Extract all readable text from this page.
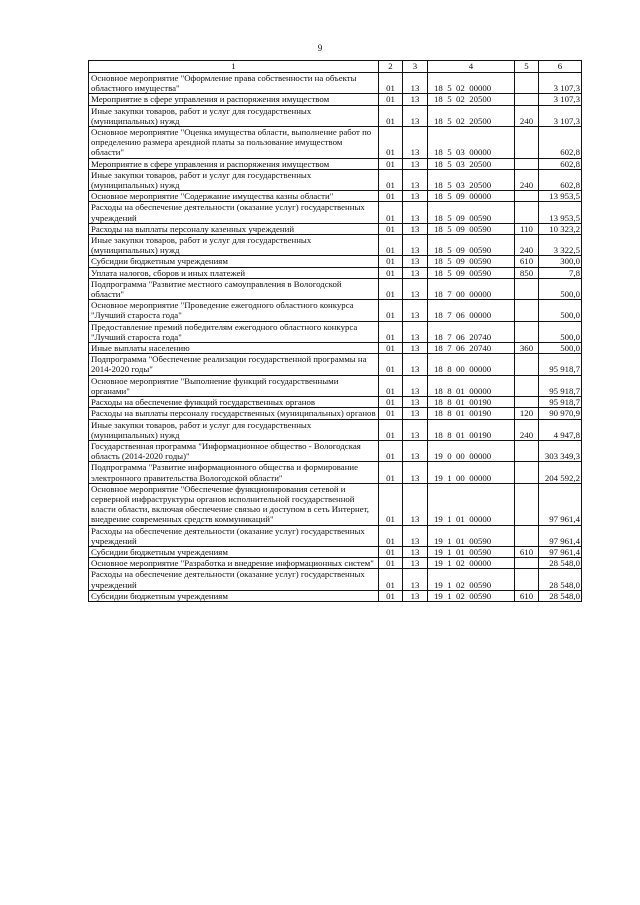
9
1	2	3	4	5	6
Основное мероприятие "Оформление права собственности на объекты областного имущества"	01	13	18  5  02  00000		3 107,3
Мероприятие в сфере управления и распоряжения имуществом	01	13	18  5  02  20500		3 107,3
Иные закупки товаров, работ и услуг для государственных (муниципальных) нужд	01	13	18  5  02  20500	240	3 107,3
Основное мероприятие "Оценка имущества области, выполнение работ по определению размера арендной платы за пользование имуществом области"	01	13	18  5  03  00000		602,8
Мероприятие в сфере управления и распоряжения имуществом	01	13	18  5  03  20500		602,8
Иные закупки товаров, работ и услуг для государственных (муниципальных) нужд	01	13	18  5  03  20500	240	602,8
Основное мероприятие "Содержание имущества казны области"	01	13	18  5  09  00000		13 953,5
Расходы на обеспечение деятельности (оказание услуг) государственных учреждений	01	13	18  5  09  00590		13 953,5
Расходы на выплаты персоналу казенных учреждений	01	13	18  5  09  00590	110	10 323,2
Иные закупки товаров, работ и услуг для государственных (муниципальных) нужд	01	13	18  5  09  00590	240	3 322,5
Субсидии бюджетным учреждениям	01	13	18  5  09  00590	610	300,0
Уплата налогов, сборов и иных платежей	01	13	18  5  09  00590	850	7,8
Подпрограмма "Развитие местного самоуправления в Вологодской области"	01	13	18  7  00  00000		500,0
Основное мероприятие "Проведение ежегодного областного конкурса "Лучший староста года"	01	13	18  7  06  00000		500,0
Предоставление премий победителям ежегодного областного конкурса "Лучший староста года"	01	13	18  7  06  20740		500,0
Иные выплаты населению	01	13	18  7  06  20740	360	500,0
Подпрограмма "Обеспечение реализации государственной программы на 2014-2020 годы"	01	13	18  8  00  00000		95 918,7
Основное мероприятие "Выполнение функций государственными органами"	01	13	18  8  01  00000		95 918,7
Расходы на обеспечение функций государственных органов	01	13	18  8  01  00190		95 918,7
Расходы на выплаты персоналу государственных (муниципальных) органов	01	13	18  8  01  00190	120	90 970,9
Иные закупки товаров, работ и услуг для государственных (муниципальных) нужд	01	13	18  8  01  00190	240	4 947,8
Государственная программа "Информационное общество - Вологодская область (2014-2020 годы)"	01	13	19  0  00  00000		303 349,3
Подпрограмма "Развитие информационного общества и формирование электронного правительства Вологодской области"	01	13	19  1  00  00000		204 592,2
Основное мероприятие "Обеспечение функционирования сетевой и серверной инфраструктуры органов исполнительной государственной власти области, включая обеспечение связью и доступом в сеть Интернет, внедрение современных средств коммуникаций"	01	13	19  1  01  00000		97 961,4
Расходы на обеспечение деятельности (оказание услуг) государственных учреждений	01	13	19  1  01  00590		97 961,4
Субсидии бюджетным учреждениям	01	13	19  1  01  00590	610	97 961,4
Основное мероприятие "Разработка и внедрение информационных систем"	01	13	19  1  02  00000		28 548,0
Расходы на обеспечение деятельности (оказание услуг) государственных учреждений	01	13	19  1  02  00590		28 548,0
Субсидии бюджетным учреждениям	01	13	19  1  02  00590	610	28 548,0
